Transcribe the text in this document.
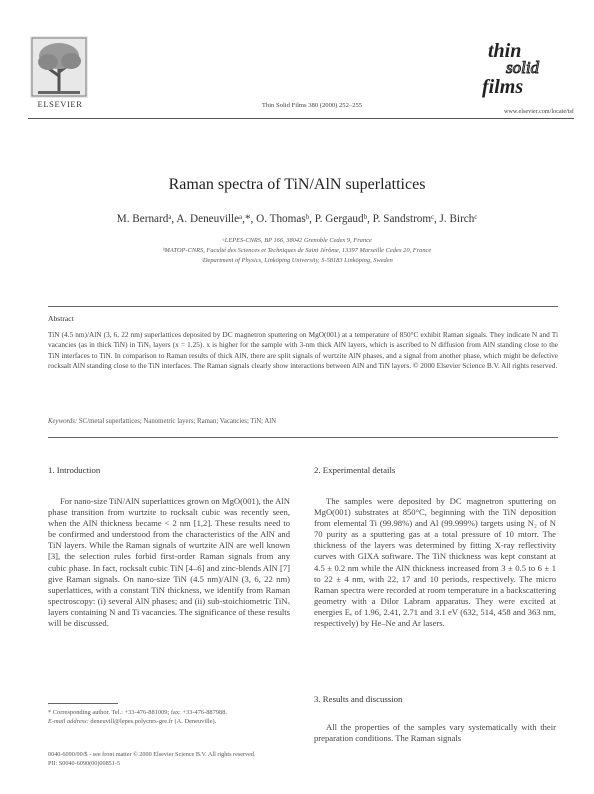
ELSEVIER	Thin Solid Films 380 (2000) 252–255
thin
solid
films
www.elsevier.com/locate/tsf
Raman spectra of TiN/AlN superlattices
M. Bernardᵃ, A. Deneuvilleᵃ,*, O. Thomasᵇ, P. Gergaudᵇ, P. Sandstromᶜ, J. Birchᶜ
ᵃLEPES-CNRS, BP 166, 38042 Grenoble Cedex 9, France
ᵇMATOP-CNRS, Faculté des Sciences et Techniques de Saint Jérôme, 13397 Marseille Cedex 20, France
ᶜDepartment of Physics, Linköping University, S-58183 Linköping, Sweden
Abstract
TiN (4.5 nm)/AlN (3, 6, 22 nm) superlattices deposited by DC magnetron sputtering on MgO(001) at a temperature of 850°C exhibit Raman signals. They indicate N and Ti vacancies (as in thick TiN) in TiNₓ layers (x = 1.25). x is higher for the sample with 3-nm thick AlN layers, which is ascribed to N diffusion from AlN standing close to the TiN interfaces to TiN. In comparison to Raman results of thick AlN, there are split signals of wurtzite AlN phases, and a signal from another phase, which might be defective rocksalt AlN standing close to the TiN interfaces. The Raman signals clearly show interactions between AlN and TiN layers. © 2000 Elsevier Science B.V. All rights reserved.
Keywords: SC/metal superlattices; Nanometric layers; Raman; Vacancies; TiN; AlN
1. Introduction
For nano-size TiN/AlN superlattices grown on MgO(001), the AlN phase transition from wurtzite to rocksalt cubic was recently seen, when the AlN thickness became < 2 nm [1,2]. These results need to be confirmed and understood from the characteristics of the AlN and TiN layers. While the Raman signals of wurtzite AlN are well known [3], the selection rules forbid first-order Raman signals from any cubic phase. In fact, rocksalt cubic TiN [4–6] and zinc-blends AlN [7] give Raman signals. On nano-size TiN (4.5 nm)/AlN (3, 6, 22 nm) superlattices, with a constant TiN thickness, we identify from Raman spectroscopy: (i) several AlN phases; and (ii) sub-stoichiometric TiNₓ layers containing N and Ti vacancies. The significance of these results will be discussed.
* Corresponding author. Tel.: +33-476-881009; fax: +33-476-887988.
E-mail address: deneuvill@lepes.polycnrs-gre.fr (A. Deneuville).
2. Experimental details
The samples were deposited by DC magnetron sputtering on MgO(001) substrates at 850°C, beginning with the TiN deposition from elemental Ti (99.98%) and Al (99.999%) targets using N₂ of N 70 purity as a sputtering gas at a total pressure of 10 mtorr. The thickness of the layers was determined by fitting X-ray reflectivity curves with GIXA software. The TiN thickness was kept constant at 4.5 ± 0.2 nm while the AlN thickness increased from 3 ± 0.5 to 6 ± 1 to 22 ± 4 nm, with 22, 17 and 10 periods, respectively. The micro Raman spectra were recorded at room temperature in a backscattering geometry with a Dilor Labram apparatus. They were excited at energies Eₑ of 1.96, 2.41, 2.71 and 3.1 eV (632, 514, 458 and 363 nm, respectively) by He–Ne and Ar lasers.
3. Results and discussion
All the properties of the samples vary systematically with their preparation conditions. The Raman signals
0040-6090/00/$ - see front matter © 2000 Elsevier Science B.V. All rights reserved.
PII: S0040-6090(00)00851-5
